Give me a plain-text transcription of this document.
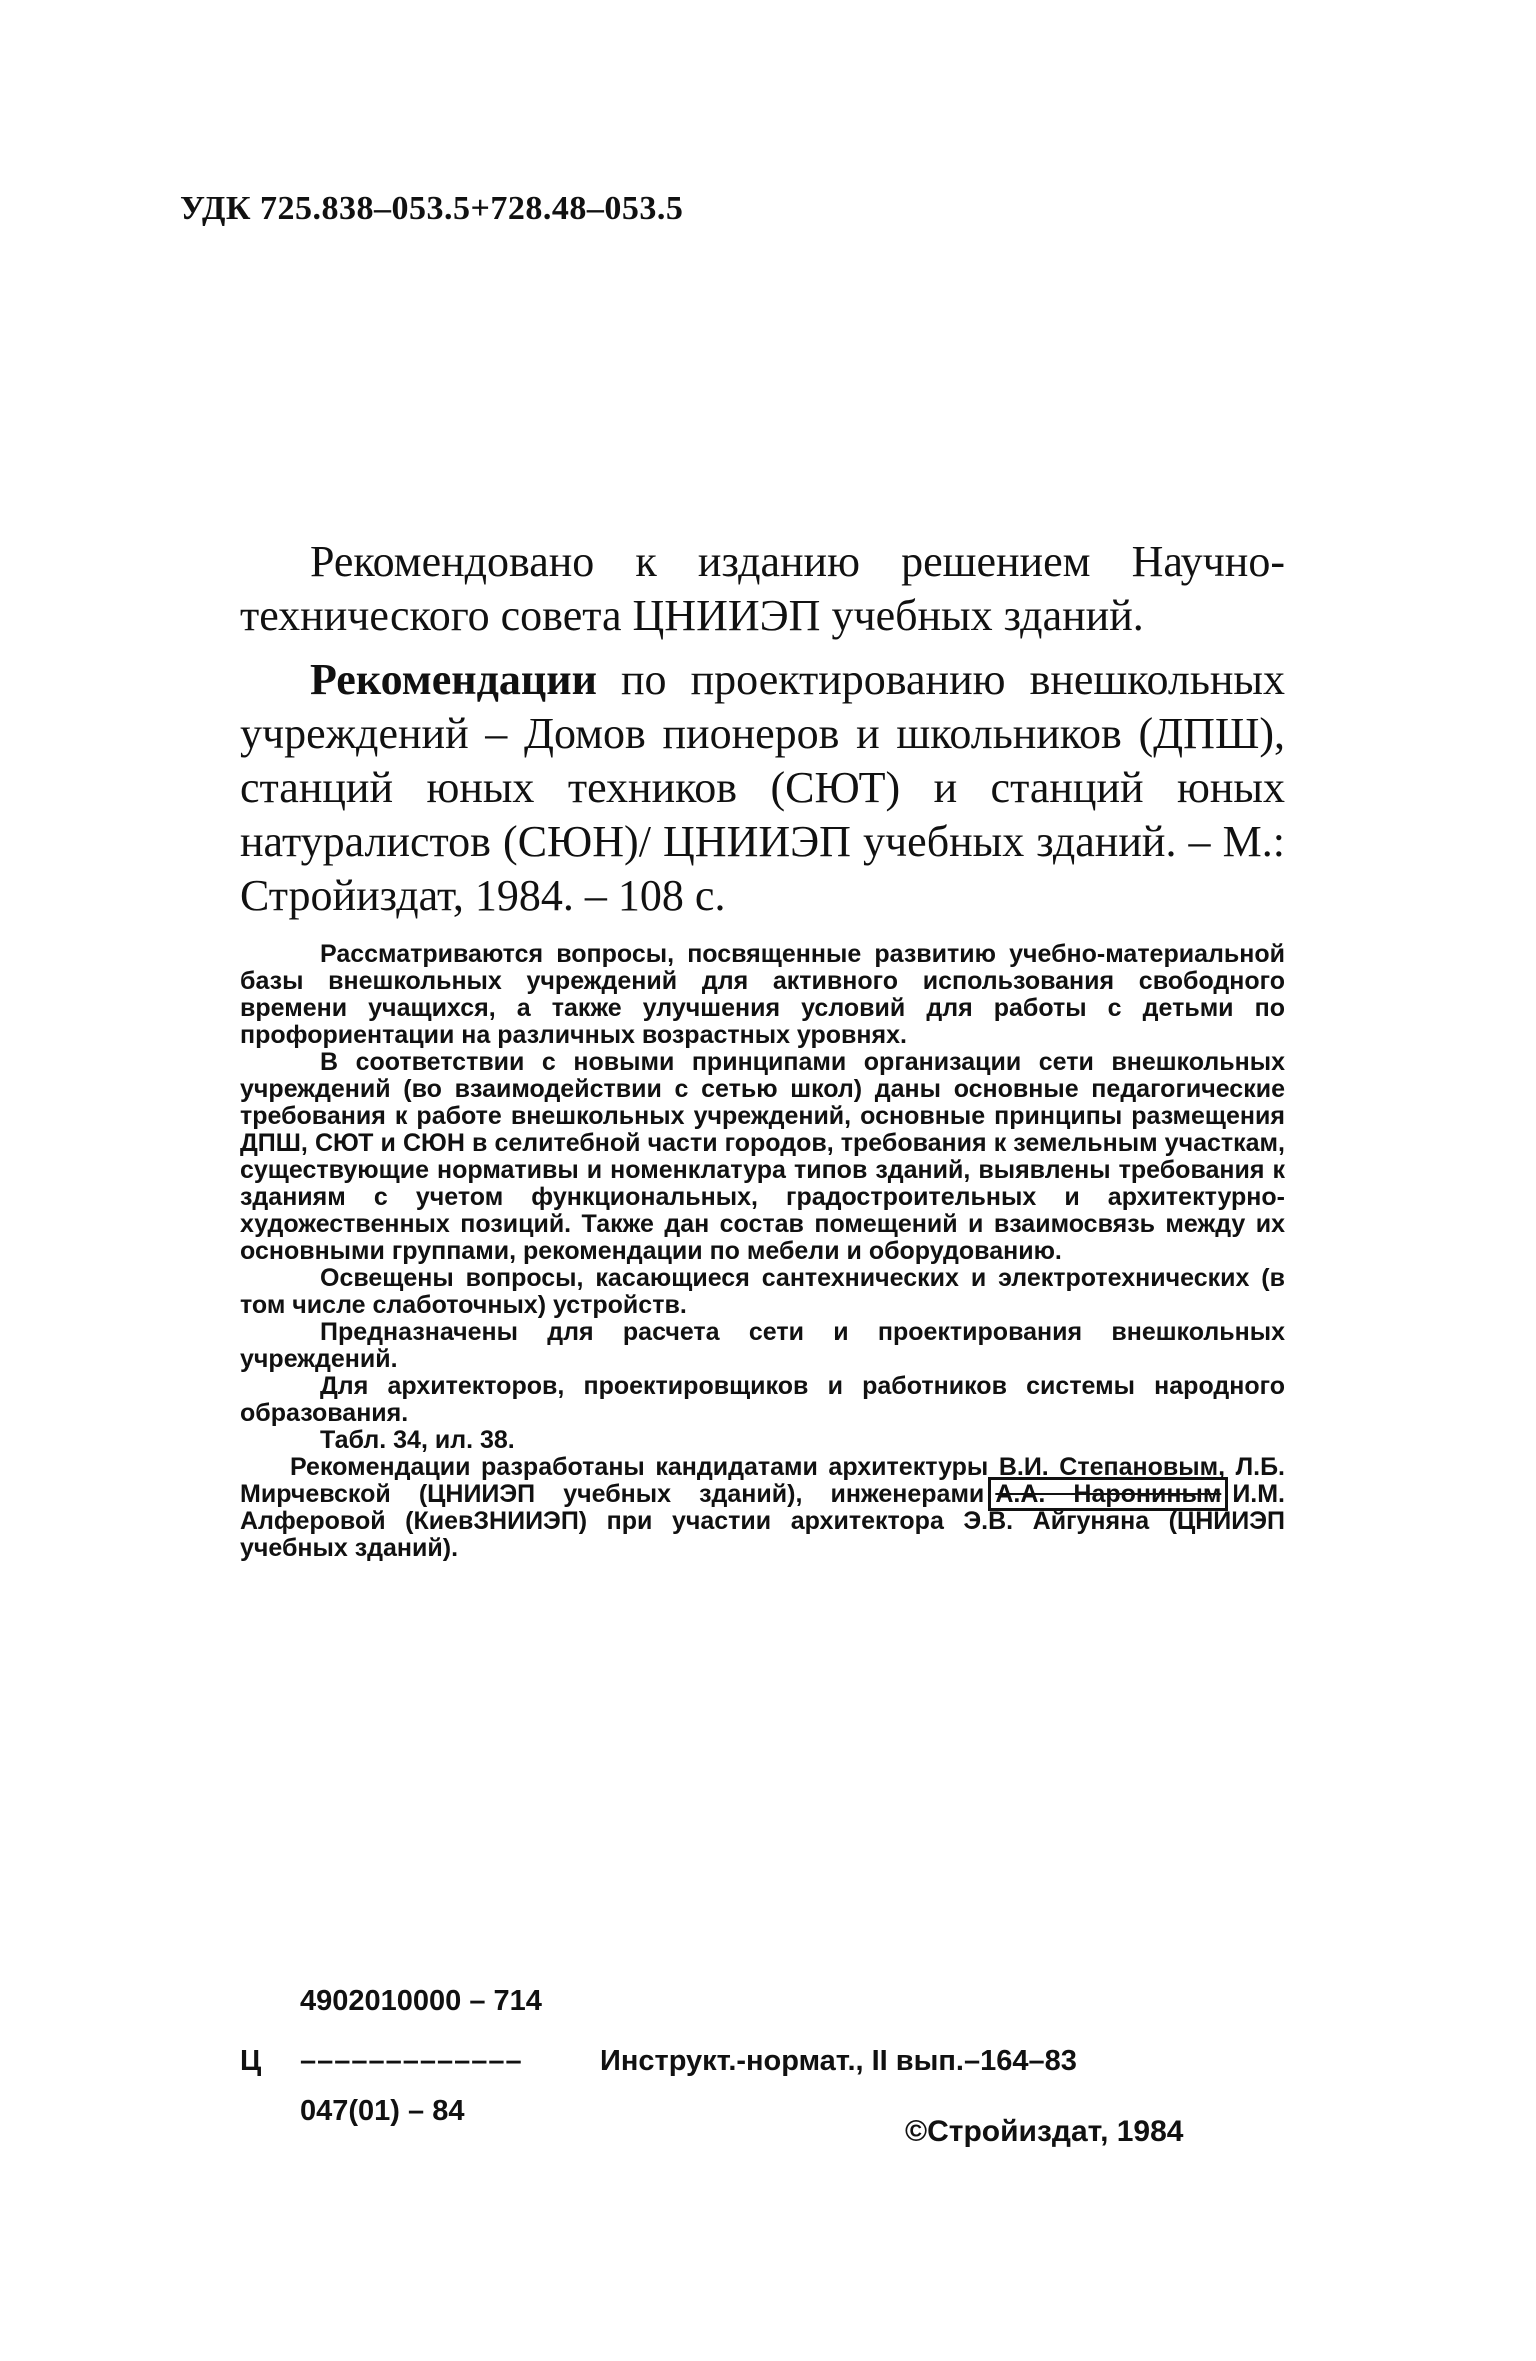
УДК 725.838–053.5+728.48–053.5

Рекомендовано к изданию решением Научно-технического совета ЦНИИЭП учебных зданий.

Рекомендации по проектированию внешкольных учреждений – Домов пионеров и школьников (ДПШ), станций юных техников (СЮТ) и станций юных натуралистов (СЮН)/ ЦНИИЭП учебных зданий. – М.: Стройиздат, 1984. – 108 с.

Рассматриваются вопросы, посвященные развитию учебно-материальной базы внешкольных учреждений для активного использования свободного времени учащихся, а также улучшения условий для работы с детьми по профориентации на различных возрастных уровнях.

В соответствии с новыми принципами организации сети внешкольных учреждений (во взаимодействии с сетью школ) даны основные педагогические требования к работе внешкольных учреждений, основные принципы размещения ДПШ, СЮТ и СЮН в селитебной части городов, требования к земельным участкам, существующие нормативы и номенклатура типов зданий, выявлены требования к зданиям с учетом функциональных, градостроительных и архитектурно-художественных позиций. Также дан состав помещений и взаимосвязь между их основными группами, рекомендации по мебели и оборудованию.

Освещены вопросы, касающиеся сантехнических и электротехнических (в том числе слаботочных) устройств.

Предназначены для расчета сети и проектирования внешкольных учреждений.

Для архитекторов, проектировщиков и работников системы народного образования.

Табл. 34, ил. 38.

Рекомендации разработаны кандидатами архитектуры В.И. Степановым, Л.Б. Мирчевской (ЦНИИЭП учебных зданий), инженерами А.А. Нарониным И.М. Алферовой (КиевЗНИИЭП) при участии архитектора Э.В. Айгуняна (ЦНИИЭП учебных зданий).

4902010000 – 714
Ц –––––––––––––	Инструкт.-нормат., II вып.–164–83
047(01) – 84
©Стройиздат, 1984
